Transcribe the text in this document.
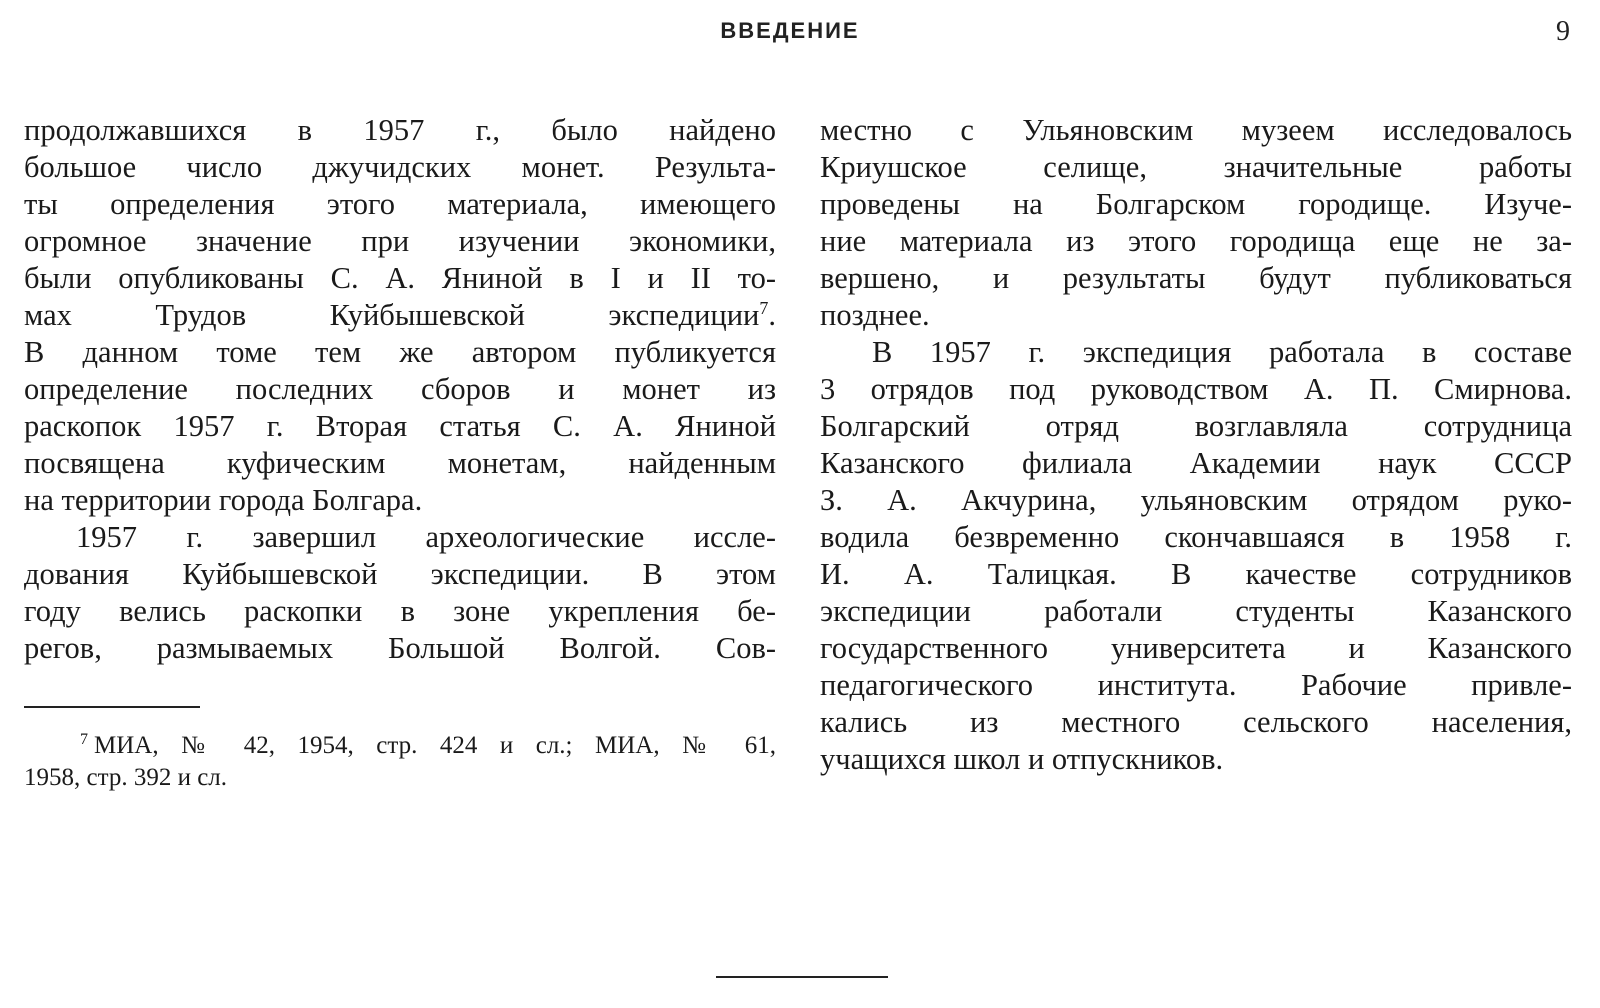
ВВЕДЕНИЕ	9
продолжавшихся в 1957 г., было найдено
большое число джучидских монет. Результа-
ты определения этого материала, имеющего
огромное значение при изучении экономики,
были опубликованы С. А. Яниной в I и II то-
мах Трудов Куйбышевской экспедиции$^7$.
В данном томе тем же автором публикуется
определение последних сборов и монет из
раскопок 1957 г. Вторая статья С. А. Яниной
посвящена куфическим монетам, найденным
на территории города Болгара.
1957 г. завершил археологические иссле-
дования Куйбышевской экспедиции. В этом
году велись раскопки в зоне укрепления бе-
регов, размываемых Большой Волгой. Сов-
местно с Ульяновским музеем исследовалось
Криушское селище, значительные работы
проведены на Болгарском городище. Изуче-
ние материала из этого городища еще не за-
вершено, и результаты будут публиковаться
позднее.
В 1957 г. экспедиция работала в составе
3 отрядов под руководством А. П. Смирнова.
Болгарский отряд возглавляла сотрудница
Казанского филиала Академии наук СССР
З. А. Акчурина, ульяновским отрядом руко-
водила безвременно скончавшаяся в 1958 г.
И. А. Талицкая. В качестве сотрудников
экспедиции работали студенты Казанского
государственного университета и Казанского
педагогического института. Рабочие привле-
кались из местного сельского населения,
учащихся школ и отпускников.
$^7$ МИА, № 42, 1954, стр. 424 и сл.; МИА, № 61,
1958, стр. 392 и сл.
